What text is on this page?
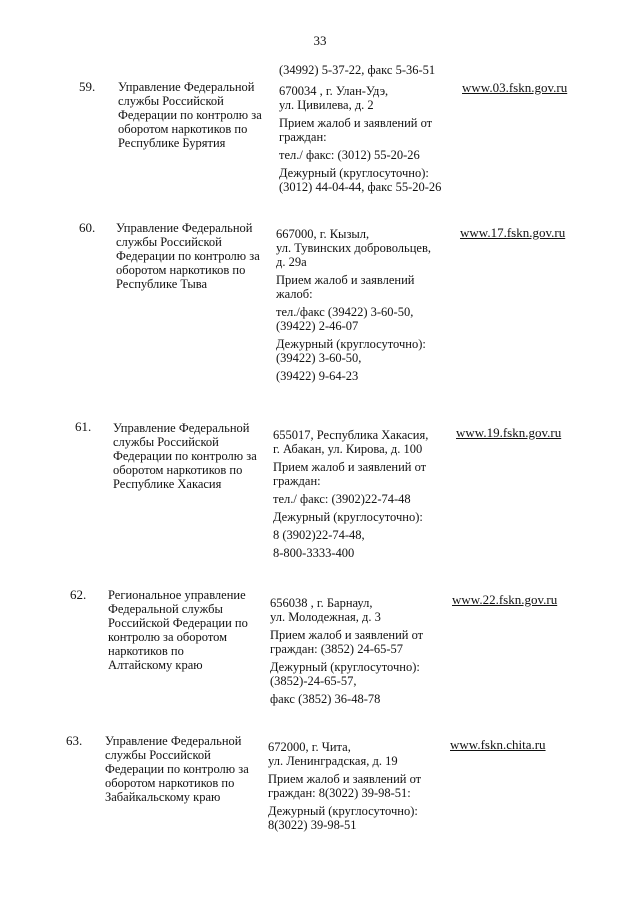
33
(34992) 5-37-22, факс 5-36-51
59. Управление Федеральной
службы Российской
Федерации по контролю за
оборотом наркотиков по
Республике Бурятия
670034 , г. Улан-Удэ,
ул. Цивилева, д. 2
Прием жалоб и заявлений от
граждан:
тел./ факс: (3012) 55-20-26
Дежурный (круглосуточно):
(3012) 44-04-44, факс 55-20-26
www.03.fskn.gov.ru
60. Управление Федеральной
службы Российской
Федерации по контролю за
оборотом наркотиков по
Республике Тыва
667000, г. Кызыл,
ул. Тувинских добровольцев,
д. 29а
Прием жалоб и заявлений
жалоб:
тел./факс (39422) 3-60-50,
(39422) 2-46-07
Дежурный (круглосуточно):
(39422) 3-60-50,
(39422) 9-64-23
www.17.fskn.gov.ru
61. Управление Федеральной
службы Российской
Федерации по контролю за
оборотом наркотиков по
Республике Хакасия
655017, Республика Хакасия,
г. Абакан, ул. Кирова, д. 100
Прием жалоб и заявлений от
граждан:
тел./ факс: (3902)22-74-48
Дежурный (круглосуточно):
8 (3902)22-74-48,
8-800-3333-400
www.19.fskn.gov.ru
62. Региональное управление
Федеральной службы
Российской Федерации по
контролю за оборотом
наркотиков по
Алтайскому краю
656038 , г. Барнаул,
ул. Молодежная, д. 3
Прием жалоб и заявлений от
граждан: (3852) 24-65-57
Дежурный (круглосуточно):
(3852)-24-65-57,
факс (3852) 36-48-78
www.22.fskn.gov.ru
63. Управление Федеральной
службы Российской
Федерации по контролю за
оборотом наркотиков по
Забайкальскому краю
672000, г. Чита,
ул. Ленинградская, д. 19
Прием жалоб и заявлений от
граждан: 8(3022) 39-98-51:
Дежурный (круглосуточно):
8(3022) 39-98-51
www.fskn.chita.ru
